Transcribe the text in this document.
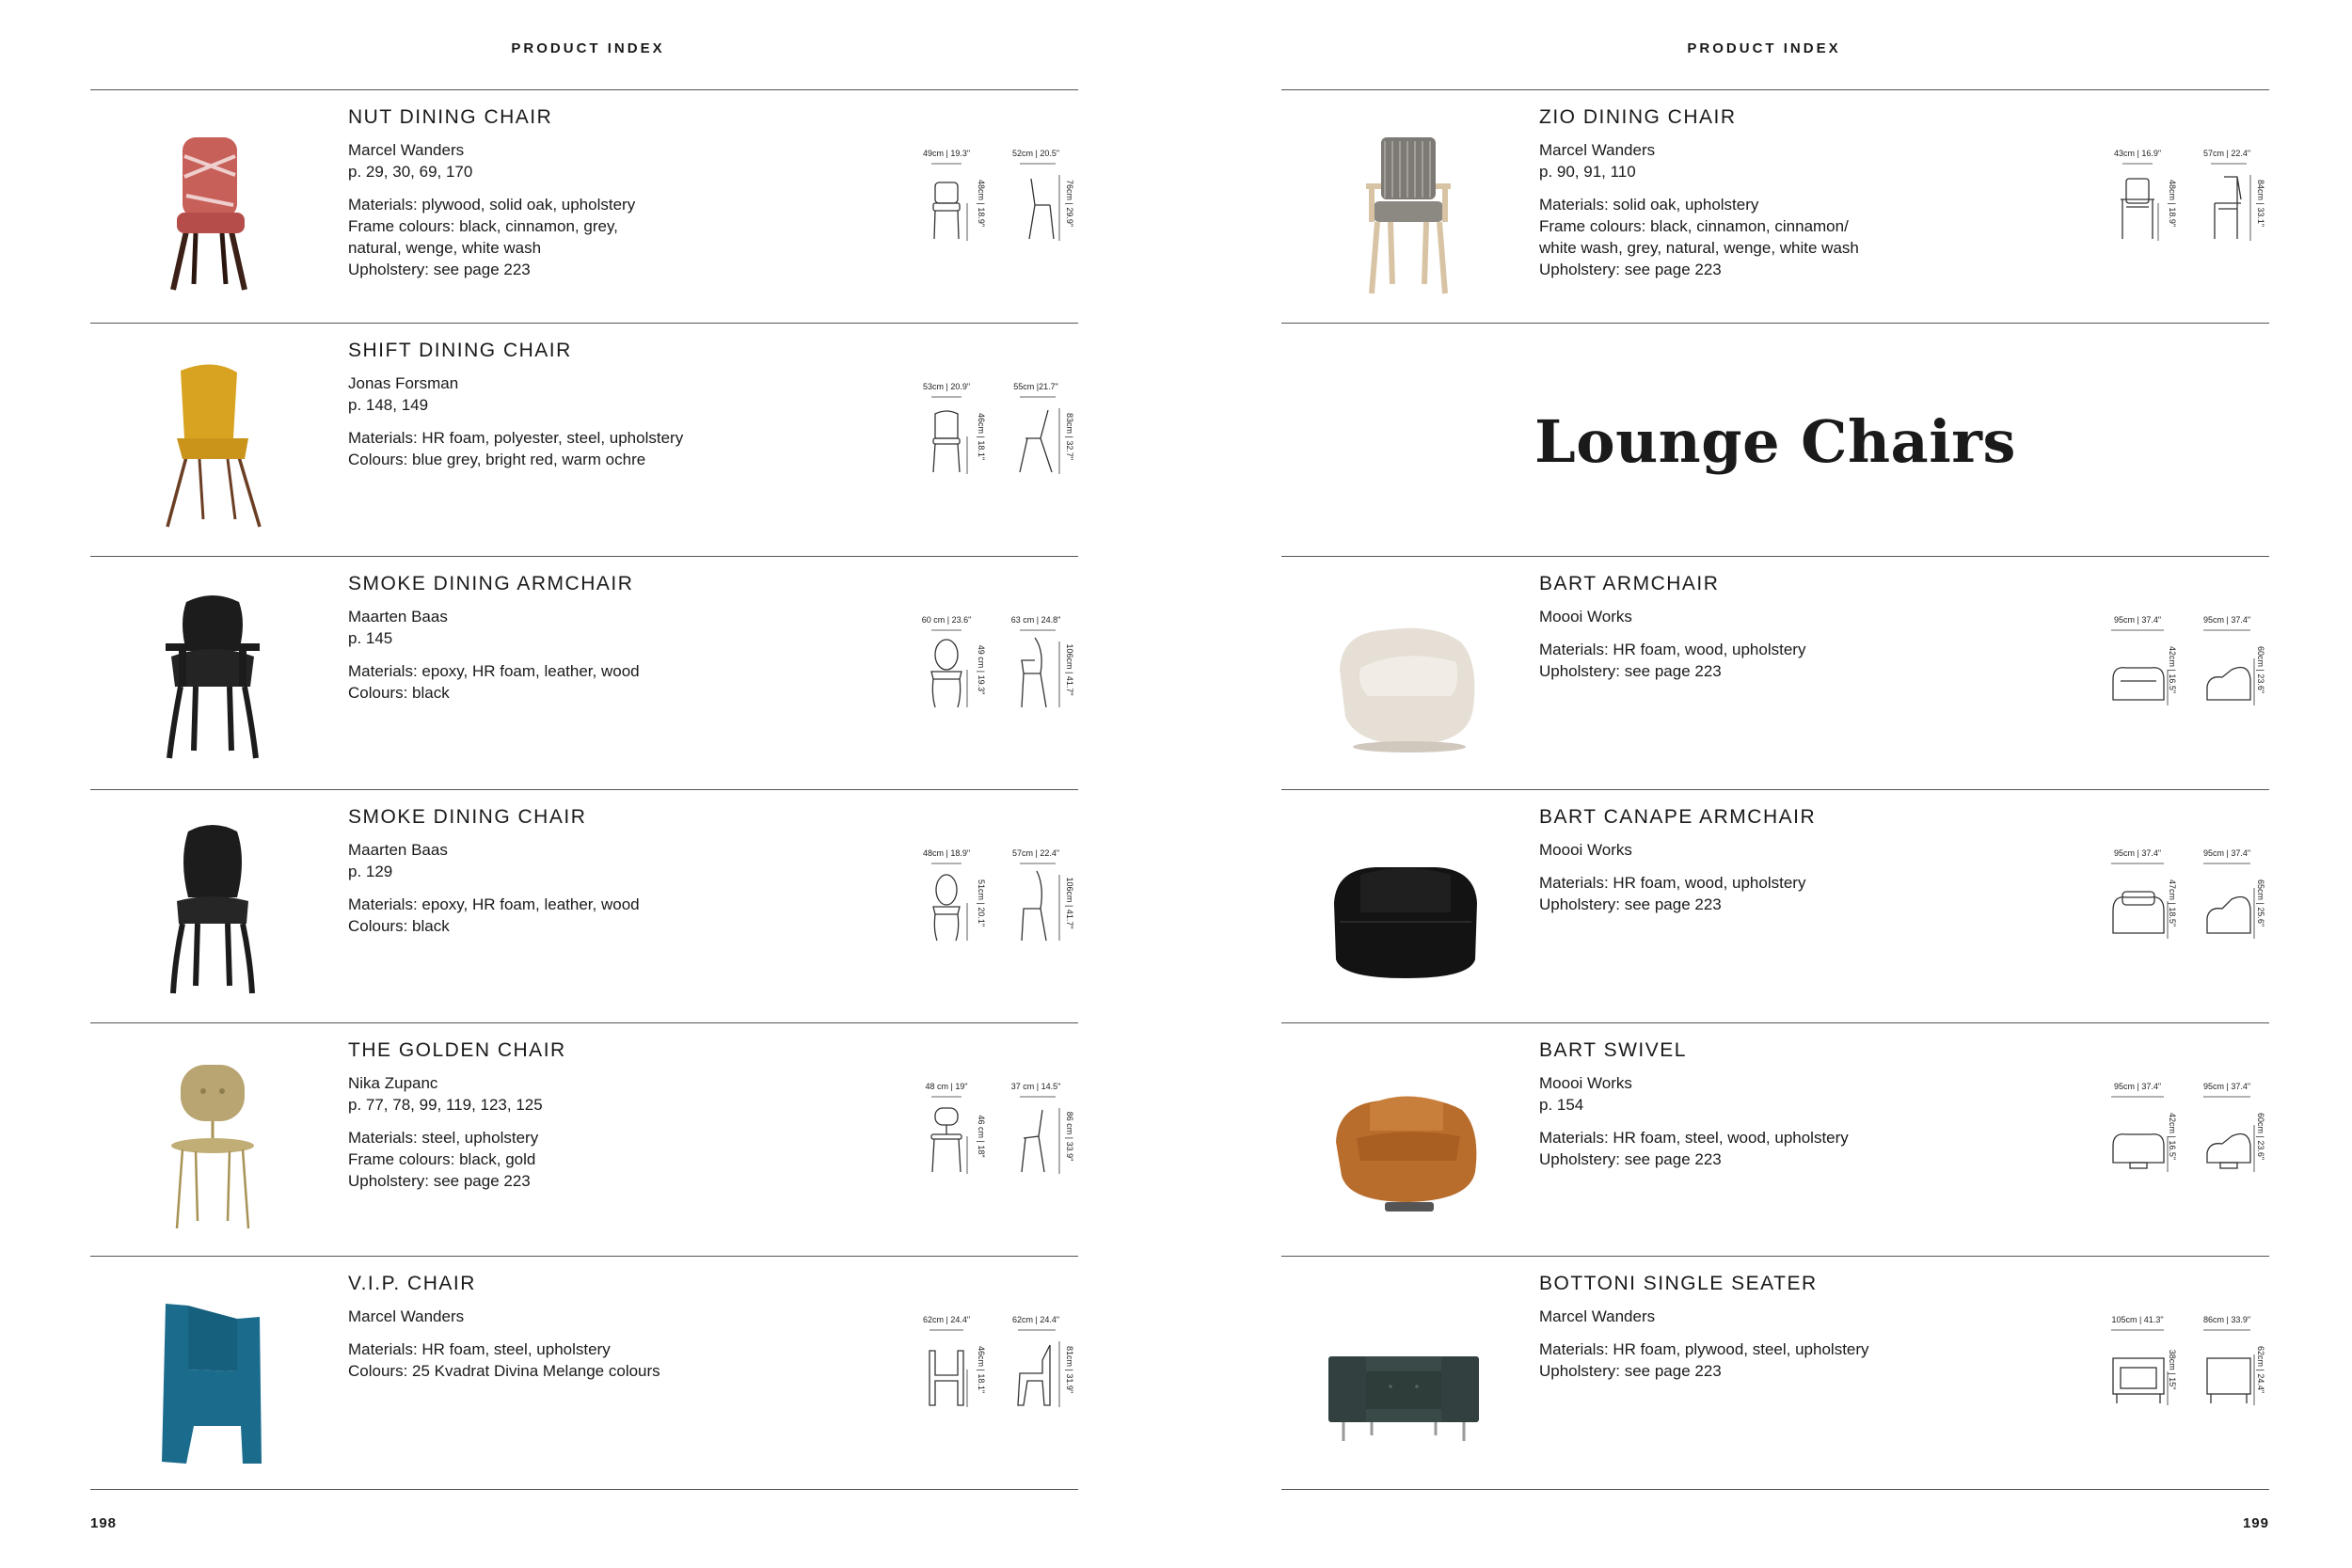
PRODUCT INDEX
NUT DINING CHAIR
Marcel Wanders
p. 29, 30, 69, 170
Materials: plywood, solid oak, upholstery
Frame colours: black, cinnamon, grey,
natural, wenge, white wash
Upholstery: see page 223
49cm | 19.3"	52cm | 20.5"
48cm | 18.9"	76cm | 29.9"
SHIFT DINING CHAIR
Jonas Forsman
p. 148, 149
Materials: HR foam, polyester, steel, upholstery
Colours: blue grey, bright red, warm ochre
53cm | 20.9"	55cm |21.7"
46cm | 18.1"	83cm | 32.7"
SMOKE DINING ARMCHAIR
Maarten Baas
p. 145
Materials: epoxy, HR foam, leather, wood
Colours: black
60 cm | 23.6"	63 cm | 24.8"
49 cm | 19.3"	106cm | 41.7"
SMOKE DINING CHAIR
Maarten Baas
p. 129
Materials: epoxy, HR foam, leather, wood
Colours: black
48cm | 18.9"	57cm | 22.4"
51cm | 20.1"	106cm | 41.7"
THE GOLDEN CHAIR
Nika Zupanc
p. 77, 78, 99, 119, 123, 125
Materials: steel, upholstery
Frame colours: black, gold
Upholstery: see page 223
48 cm | 19"	37 cm | 14.5"
46 cm | 18"	86 cm | 33.9"
V.I.P. CHAIR
Marcel Wanders
Materials: HR foam, steel, upholstery
Colours: 25 Kvadrat Divina Melange colours
62cm | 24.4"	62cm | 24.4"
46cm | 18.1"	81cm | 31.9"
198
PRODUCT INDEX
ZIO DINING CHAIR
Marcel Wanders
p. 90, 91, 110
Materials: solid oak, upholstery
Frame colours: black, cinnamon, cinnamon/
white wash, grey, natural, wenge, white wash
Upholstery: see page 223
43cm | 16.9"	57cm | 22.4"
48cm | 18.9"	84cm | 33.1"
Lounge Chairs
BART ARMCHAIR
Moooi Works
Materials: HR foam, wood, upholstery
Upholstery: see page 223
95cm | 37.4"	95cm | 37.4"
42cm | 16.5"	60cm | 23.6"
BART CANAPE ARMCHAIR
Moooi Works
Materials: HR foam, wood, upholstery
Upholstery: see page 223
95cm | 37.4"	95cm | 37.4"
47cm | 18.5"	65cm | 25.6"
BART SWIVEL
Moooi Works
p. 154
Materials: HR foam, steel, wood, upholstery
Upholstery: see page 223
95cm | 37.4"	95cm | 37.4"
42cm | 16.5"	60cm | 23.6"
BOTTONI SINGLE SEATER
Marcel Wanders
Materials: HR foam, plywood, steel, upholstery
Upholstery: see page 223
105cm | 41.3"	86cm | 33.9"
38cm | 15"	62cm | 24.4"
199
